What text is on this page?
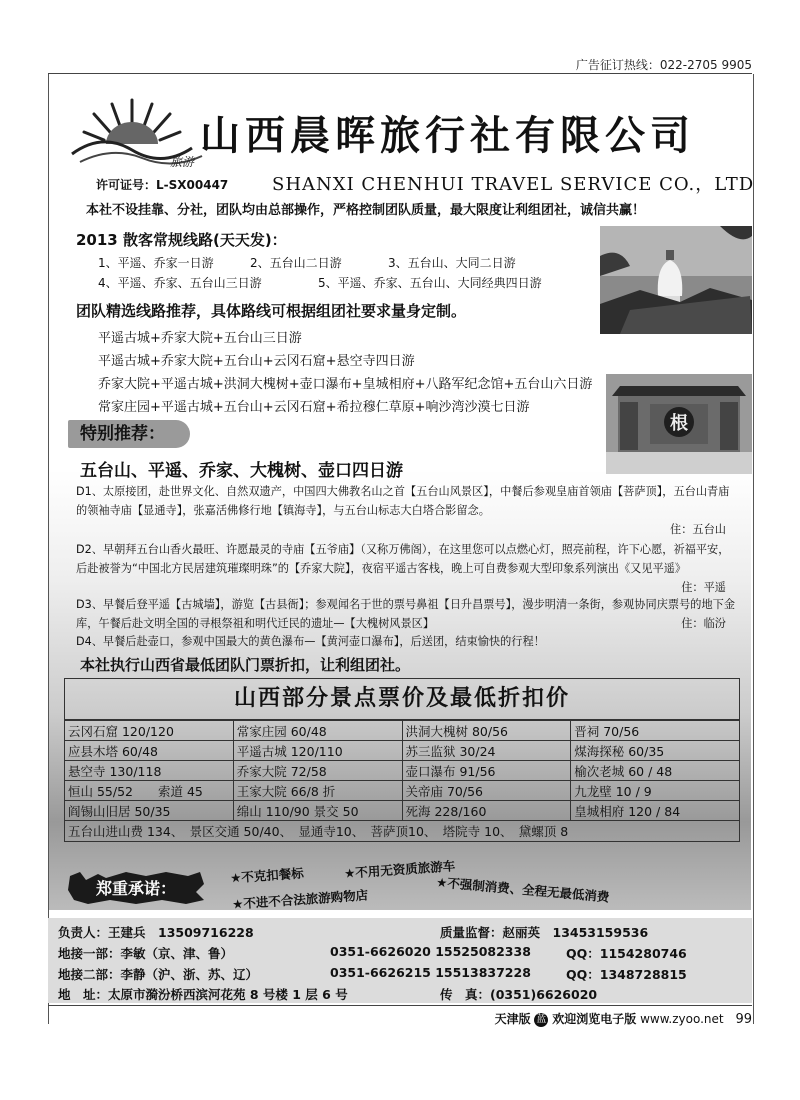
广告征订热线：022-2705 9905
旅游
山西晨晖旅行社有限公司
许可证号：L-SX00447 SHANXI CHENHUI TRAVEL SERVICE CO.，LTD
本社不设挂靠、分社，团队均由总部操作，严格控制团队质量，最大限度让利组团社，诚信共赢！
2013 散客常规线路(天天发)：
1、平遥、乔家一日游	2、五台山二日游	3、五台山、大同二日游
4、平遥、乔家、五台山三日游	5、平遥、乔家、五台山、大同经典四日游
根
团队精选线路推荐，具体路线可根据组团社要求量身定制。
平遥古城+乔家大院+五台山三日游
平遥古城+乔家大院+五台山+云冈石窟+悬空寺四日游
乔家大院+平遥古城+洪洞大槐树+壶口瀑布+皇城相府+八路军纪念馆+五台山六日游
常家庄园+平遥古城+五台山+云冈石窟+希拉穆仁草原+响沙湾沙漠七日游
特别推荐：
五台山、平遥、乔家、大槐树、壶口四日游
D1、太原接团，赴世界文化、自然双遗产，中国四大佛教名山之首【五台山风景区】，中餐后参观皇庙首领庙【菩萨顶】，五台山青庙的领袖寺庙【显通寺】，张嘉活佛修行地【镇海寺】，与五台山标志大白塔合影留念。
住：五台山
D2、早朝拜五台山香火最旺、许愿最灵的寺庙【五爷庙】（又称万佛阁），在这里您可以点燃心灯，照亮前程，许下心愿，祈福平安，后赴被誉为“中国北方民居建筑璀璨明珠”的【乔家大院】，夜宿平遥古客栈，晚上可自费参观大型印象系列演出《又见平遥》
住：平遥
D3、早餐后登平遥【古城墙】，游览【古县衙】；参观闻名于世的票号鼻祖【日升昌票号】，漫步明清一条街，参观协同庆票号的地下金库，午餐后赴文明全国的寻根祭祖和明代迁民的遗址—【大槐树风景区】	住：临汾
D4、早餐后赴壶口，参观中国最大的黄色瀑布—【黄河壶口瀑布】，后送团，结束愉快的行程！
本社执行山西省最低团队门票折扣，让利组团社。
山西部分景点票价及最低折扣价
云冈石窟 120/120	常家庄园 60/48	洪洞大槐树 80/56	晋祠 70/56
应县木塔 60/48	平遥古城 120/110	苏三监狱 30/24	煤海探秘 60/35
悬空寺 130/118	乔家大院 72/58	壶口瀑布 91/56	榆次老城 60 / 48
恒山 55/52　　索道 45	王家大院 66/8 折	关帝庙 70/56	九龙壁 10 / 9
阎锡山旧居 50/35	绵山 110/90 景交 50	死海 228/160	皇城相府 120 / 84
五台山进山费 134、　景区交通 50/40、　显通寺10、　菩萨顶10、　塔院寺 10、　黛螺顶 8			
郑重承诺：
★不克扣餐标	★不用无资质旅游车
★不进不合法旅游购物店	★不强制消费、全程无最低消费
负责人：王建兵　13509716228	质量监督：赵丽英　13453159536
地接一部：李敏（京、津、鲁）	0351-6626020 15525082338	QQ：1154280746
地接二部：李静（沪、浙、苏、辽）	0351-6626215 15513837228	QQ：1348728815
地　址：太原市漪汾桥西滨河花苑 8 号楼 1 层 6 号	传　真：(0351)6626020
天津版 蓝 欢迎浏览电子版 www.zyoo.net 99
